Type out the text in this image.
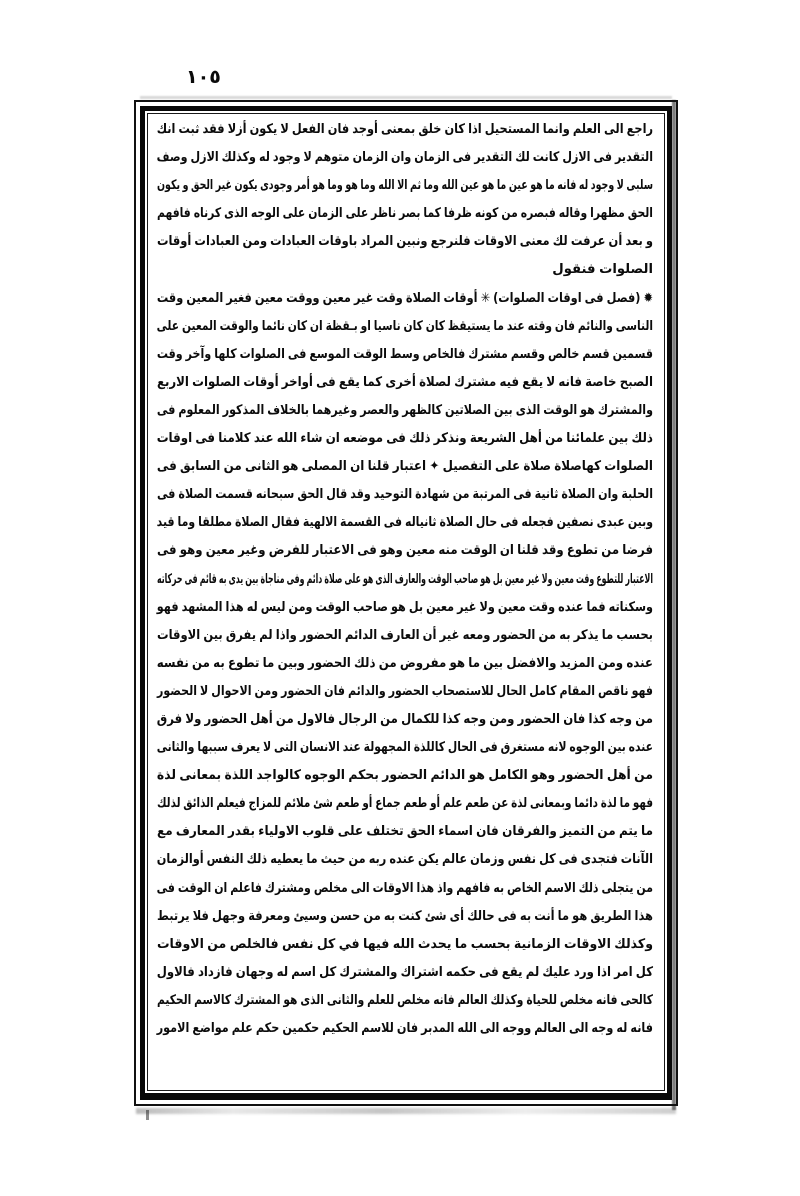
٥٠١
راجع الى العلم وانما المستحيل اذا كان خلق بمعنى أوجد فان الفعل لا يكون أزلا فقد ثبت انكالتقدير فى الازل كانت لك التقدير فى الزمان وان الزمان متوهم لا وجود له وكذلك الازل وصفسلبى لا وجود له فانه ما هو عين ما هو عين الله وما ثم الا الله وما هو وما هو أمر وجودى يكون غير الحق و يكونالحق مظهرا وقاله فبصره من كونه ظرفا كما بصر ناظر على الزمان على الوجه الذى كرناه فافهمو بعد أن عرفت لك معنى الاوقات فلنرجع ونبين المراد باوقات العبادات ومن العبادات أوقات
الصلوات فنقول
✹ (فصل فى اوقات الصلوات) ✳ أوقات الصلاة وقت غير معين ووقت معين فغير المعين وقتالناسى والنائم فان وقته عند ما يستيقظ كان كان ناسيا او بـقظة ان كان نائما والوقت المعين علىقسمين قسم خالص وقسم مشترك فالخاص وسط الوقت الموسع فى الصلوات كلها وآخر وقتالصبح خاصة فانه لا يقع فيه مشترك لصلاة أخرى كما يقع فى أواخر أوقات الصلوات الاربعوالمشترك هو الوقت الذى بين الصلاتين كالظهر والعصر وغيرهما بالخلاف المذكور المعلوم فىذلك بين علمائنا من أهل الشريعة ونذكر ذلك فى موضعه ان شاء الله عند كلامنا فى اوقاتالصلوات كهاصلاة صلاة على التفصيل ✦ اعتبار قلنا ان المصلى هو الثانى من السابق فىالحلبة وان الصلاة ثانية فى المرتبة من شهادة التوحيد وقد قال الحق سبحانه قسمت الصلاة فىوبين عبدى نصفين فجعله فى حال الصلاة ثانياله فى القسمة الالهية فقال الصلاة مطلقا وما قيدفرضا من تطوع وقد قلنا ان الوقت منه معين وهو فى الاعتبار للفرض وغير معين وهو فىالاعتبار للتطوع وقت معين ولا غير معين بل هو صاحب الوقت والعارف الذى هو على صلاة دائم وفى مناجاة بين يدى به قائم فى حركاتهوسكناته فما عنده وقت معين ولا غير معين بل هو صاحب الوقت ومن ليس له هذا المشهد فهوبحسب ما يذكر به من الحضور ومعه غير أن العارف الدائم الحضور واذا لم يفرق بين الاوقاتعنده ومن المزيد والافضل بين ما هو مفروض من ذلك الحضور وبين ما تطوع به من نفسهفهو ناقص المقام كامل الحال للاستصحاب الحضور والدائم فان الحضور ومن الاحوال لا الحضورمن وجه كذا فان الحضور ومن وجه كذا للكمال من الرجال فالاول من أهل الحضور ولا فرقعنده بين الوجوه لانه مستغرق فى الحال كاللذة المجهولة عند الانسان التى لا يعرف سببها والثانىمن أهل الحضور وهو الكامل هو الدائم الحضور بحكم الوجوه كالواجد اللذة بمعانى لذةفهو ما لذة دائما وبمعانى لذة عن طعم علم أو طعم جماع أو طعم شئ ملائم للمزاج فيعلم الذائق لذلكما يتم من التميز والفرقان فان اسماء الحق تختلف على قلوب الاولياء بقدر المعارف معالآنات فتجدى فى كل نفس وزمان عالم يكن عنده ربه من حيث ما يعطيه ذلك النفس أوالزمانمن يتجلى ذلك الاسم الخاص به فافهم واذ هذا الاوقات الى مخلص ومشترك فاعلم ان الوقت فىهذا الطريق هو ما أنت به فى حالك أى شئ كنت به من حسن وسيئ ومعرفة وجهل فلا يرتبطوكذلك الاوقات الزمانية بحسب ما يحدث الله فيها في كل نفس فالخلص من الاوقاتكل امر اذا ورد عليك لم يقع فى حكمه اشتراك والمشترك كل اسم له وجهان فازداد فالاولكالحى فانه مخلص للحياة وكذلك العالم فانه مخلص للعلم والثانى الذى هو المشترك كالاسم الحكيمفانه له وجه الى العالم ووجه الى الله المدبر فان للاسم الحكيم حكمين حكم علم مواضع الامور
